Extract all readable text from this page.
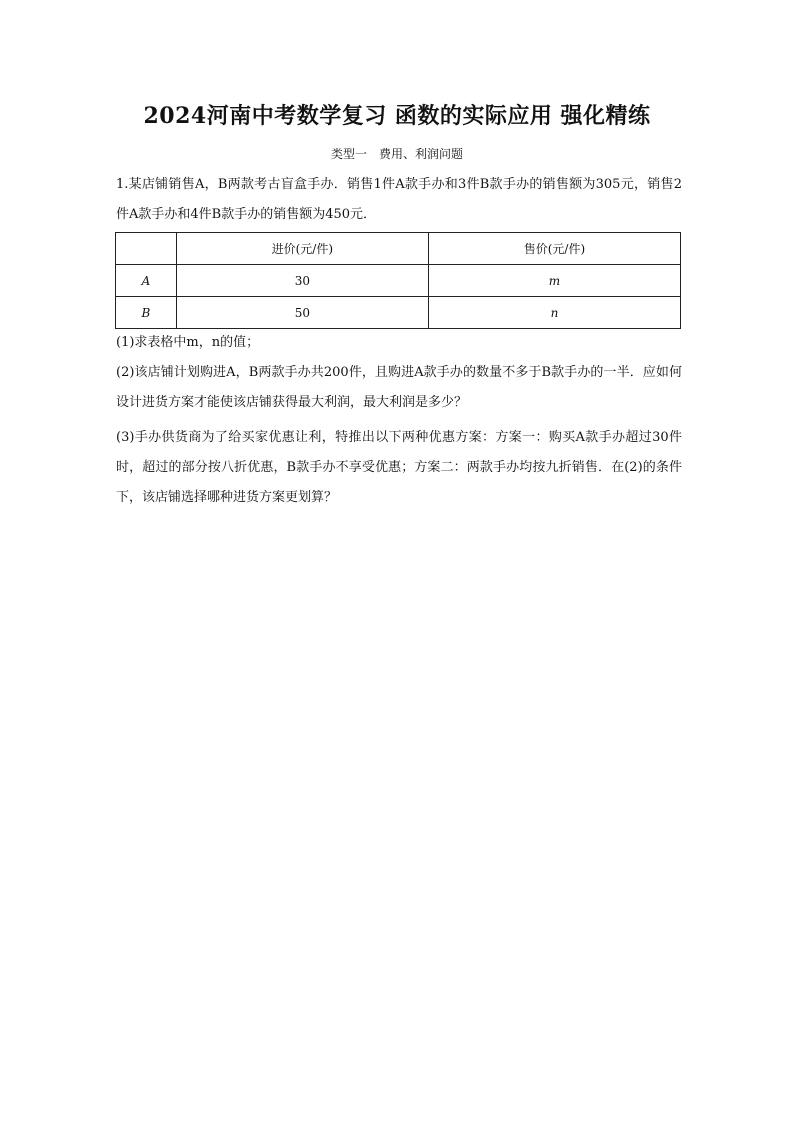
2024河南中考数学复习 函数的实际应用 强化精练
类型一　费用、利润问题
1.某店铺销售A，B两款考古盲盒手办．销售1件A款手办和3件B款手办的销售额为305元，销售2件A款手办和4件B款手办的销售额为450元．
	进价(元/件)	售价(元/件)
A	30	m
B	50	n
(1)求表格中m，n的值；
(2)该店铺计划购进A，B两款手办共200件，且购进A款手办的数量不多于B款手办的一半．应如何设计进货方案才能使该店铺获得最大利润，最大利润是多少？
(3)手办供货商为了给买家优惠让利，特推出以下两种优惠方案：方案一：购买A款手办超过30件时，超过的部分按八折优惠，B款手办不享受优惠；方案二：两款手办均按九折销售．在(2)的条件下，该店铺选择哪种进货方案更划算？
